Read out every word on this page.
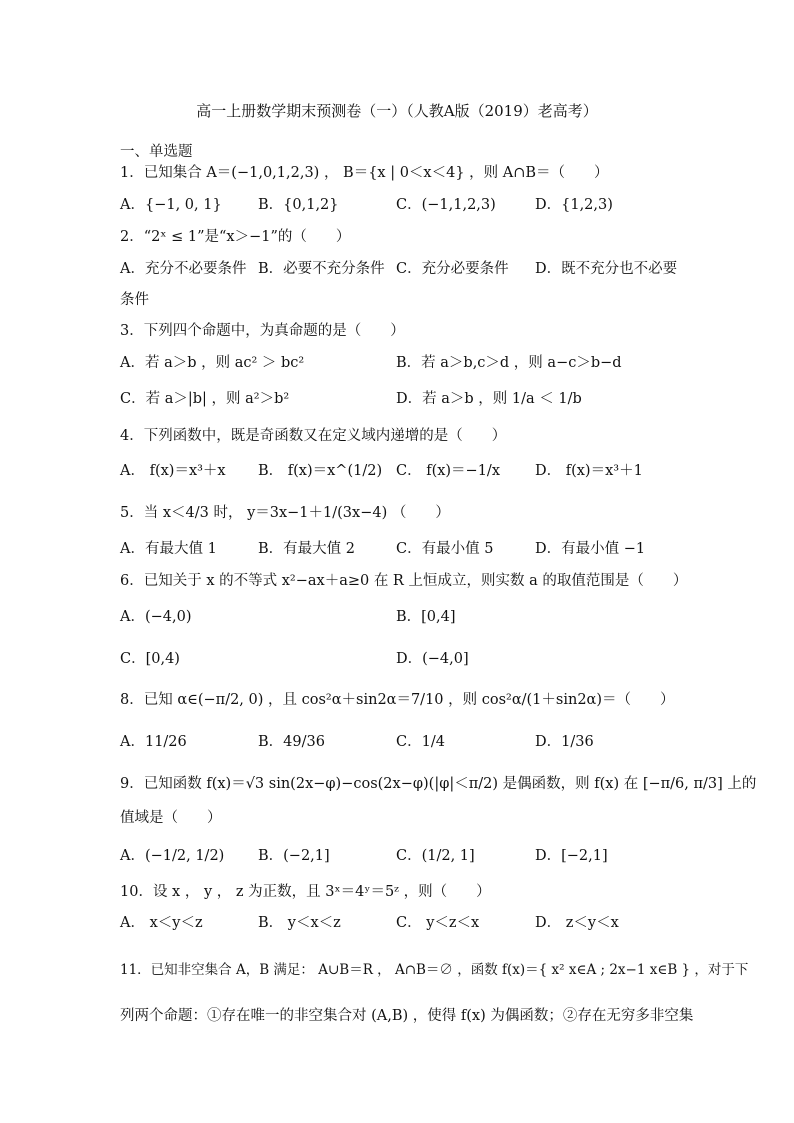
高一上册数学期末预测卷（一）（人教A版（2019）老高考）
一、单选题
1．已知集合 A＝(−1,0,1,2,3) ， B＝{x | 0＜x＜4} ，则 A∩B＝（　　）
A．{−1, 0, 1}	B．{0,1,2}	C．(−1,1,2,3)	D．{1,2,3)
2．“2ˣ ≤ 1”是“x＞−1”的（　　）
A．充分不必要条件 B．必要不充分条件 C．充分必要条件 D．既不充分也不必要
条件
3．下列四个命题中，为真命题的是（　　）
A．若 a＞b ，则 ac² ＞ bc²	B．若 a＞b,c＞d ，则 a−c＞b−d
C．若 a＞|b| ，则 a²＞b²	D．若 a＞b ，则 1/a ＜ 1/b
4．下列函数中，既是奇函数又在定义域内递增的是（　　）
A． f(x)＝x³＋x B． f(x)＝x^(1/2) C． f(x)＝−1/x D． f(x)＝x³＋1
5．当 x＜4/3 时， y＝3x−1＋1/(3x−4) （　　）
A．有最大值 1	B．有最大值 2	C．有最小值 5	D．有最小值 −1
6．已知关于 x 的不等式 x²−ax＋a≥0 在 R 上恒成立，则实数 a 的取值范围是（　　）
A．(−4,0)	B．[0,4]
C．[0,4)	D．(−4,0]
8．已知 α∈(−π/2, 0) ，且 cos²α＋sin2α＝7/10 ，则 cos²α/(1＋sin2α)＝（　　）
A．11/26	B．49/36	C．1/4	D．1/36
9．已知函数 f(x)＝√3 sin(2x−φ)−cos(2x−φ)(|φ|＜π/2) 是偶函数，则 f(x) 在 [−π/6, π/3] 上的
值域是（　　）
A．(−1/2, 1/2) B．(−2,1]	C．(1/2, 1]	D．[−2,1]
10．设 x ， y ， z 为正数，且 3ˣ＝4ʸ＝5ᶻ ，则（　　）
A． x＜y＜z	B． y＜x＜z	C． y＜z＜x	D． z＜y＜x
11．已知非空集合 A，B 满足： A∪B＝R ， A∩B＝∅ ，函数 f(x)＝{ x² x∈A ; 2x−1 x∈B } ，对于下
列两个命题：①存在唯一的非空集合对 (A,B) ，使得 f(x) 为偶函数；②存在无穷多非空集
